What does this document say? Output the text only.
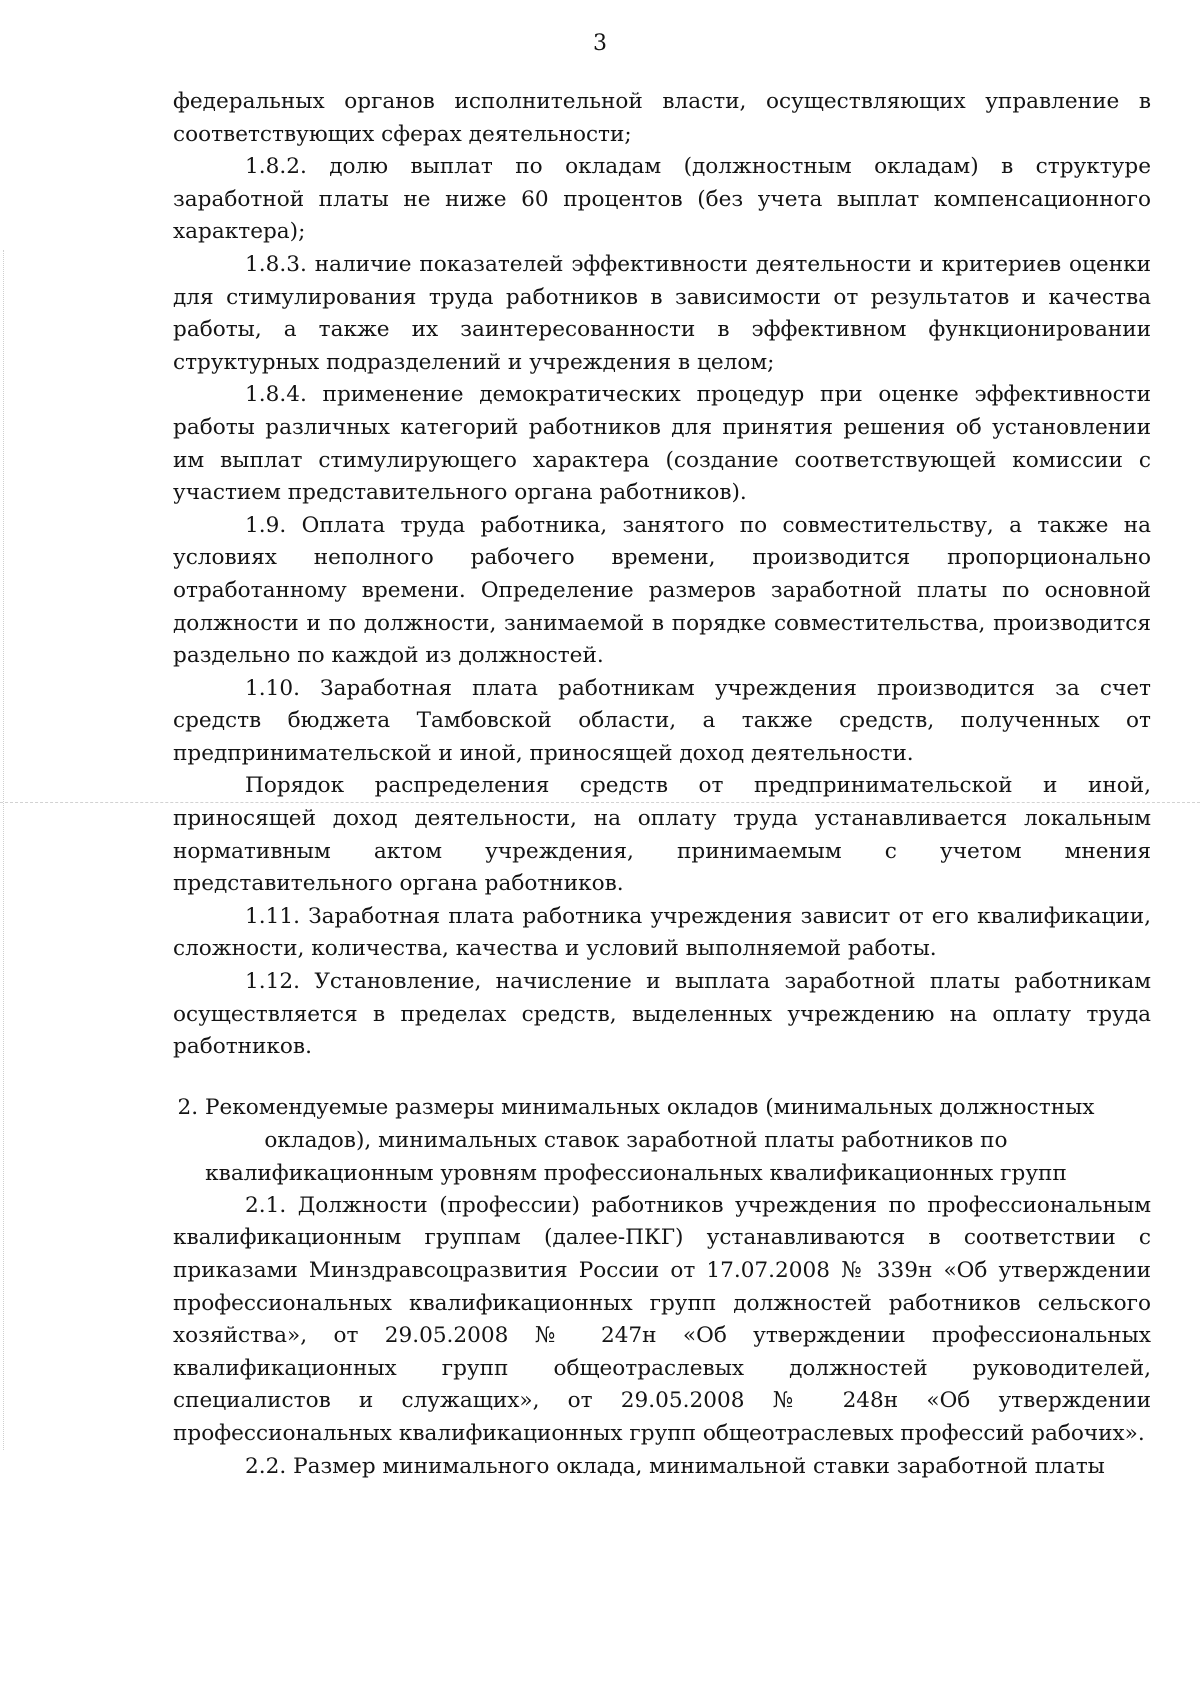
3

федеральных органов исполнительной власти, осуществляющих управление в соответствующих сферах деятельности;

1.8.2. долю выплат по окладам (должностным окладам) в структуре заработной платы не ниже 60 процентов (без учета выплат компенсационного характера);

1.8.3. наличие показателей эффективности деятельности и критериев оценки для стимулирования труда работников в зависимости от результатов и качества работы, а также их заинтересованности в эффективном функционировании структурных подразделений и учреждения в целом;

1.8.4. применение демократических процедур при оценке эффективности работы различных категорий работников для принятия решения об установлении им выплат стимулирующего характера (создание соответствующей комиссии с участием представительного органа работников).

1.9. Оплата труда работника, занятого по совместительству, а также на условиях неполного рабочего времени, производится пропорционально отработанному времени. Определение размеров заработной платы по основной должности и по должности, занимаемой в порядке совместительства, производится раздельно по каждой из должностей.

1.10. Заработная плата работникам учреждения производится за счет средств бюджета Тамбовской области, а также средств, полученных от предпринимательской и иной, приносящей доход деятельности.

Порядок распределения средств от предпринимательской и иной, приносящей доход деятельности, на оплату труда устанавливается локальным нормативным актом учреждения, принимаемым с учетом мнения представительного органа работников.

1.11. Заработная плата работника учреждения зависит от его квалификации, сложности, количества, качества и условий выполняемой работы.

1.12. Установление, начисление и выплата заработной платы работникам осуществляется в пределах средств, выделенных учреждению на оплату труда работников.

2. Рекомендуемые размеры минимальных окладов (минимальных должностных окладов), минимальных ставок заработной платы работников по квалификационным уровням профессиональных квалификационных групп

2.1. Должности (профессии) работников учреждения по профессиональным квалификационным группам (далее-ПКГ) устанавливаются в соответствии с приказами Минздравсоцразвития России от 17.07.2008 № 339н «Об утверждении профессиональных квалификационных групп должностей работников сельского хозяйства», от 29.05.2008 № 247н «Об утверждении профессиональных квалификационных групп общеотраслевых должностей руководителей, специалистов и служащих», от 29.05.2008 № 248н «Об утверждении профессиональных квалификационных групп общеотраслевых профессий рабочих».

2.2. Размер минимального оклада, минимальной ставки заработной платы
